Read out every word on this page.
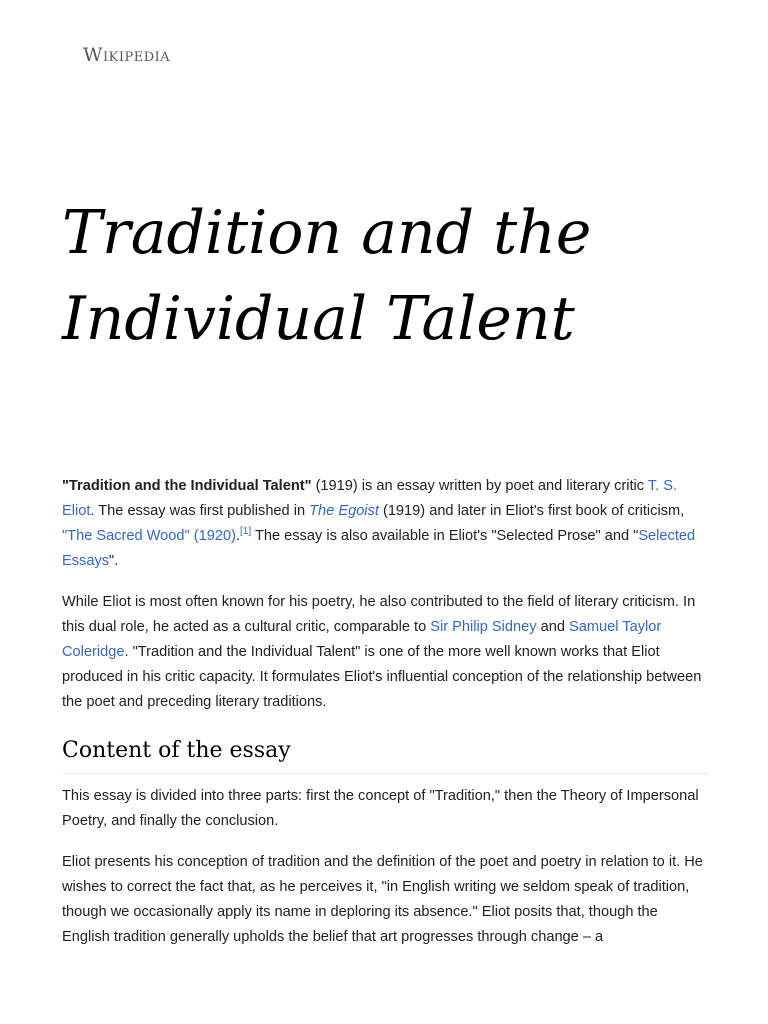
Wikipedia
Tradition and the Individual Talent

"Tradition and the Individual Talent" (1919) is an essay written by poet and literary critic T. S. Eliot. The essay was first published in The Egoist (1919) and later in Eliot's first book of criticism, "The Sacred Wood" (1920).[1] The essay is also available in Eliot's "Selected Prose" and "Selected Essays".

While Eliot is most often known for his poetry, he also contributed to the field of literary criticism. In this dual role, he acted as a cultural critic, comparable to Sir Philip Sidney and Samuel Taylor Coleridge. "Tradition and the Individual Talent" is one of the more well known works that Eliot produced in his critic capacity. It formulates Eliot's influential conception of the relationship between the poet and preceding literary traditions.

Content of the essay

This essay is divided into three parts: first the concept of "Tradition," then the Theory of Impersonal Poetry, and finally the conclusion.

Eliot presents his conception of tradition and the definition of the poet and poetry in relation to it. He wishes to correct the fact that, as he perceives it, "in English writing we seldom speak of tradition, though we occasionally apply its name in deploring its absence." Eliot posits that, though the English tradition generally upholds the belief that art progresses through change – a
